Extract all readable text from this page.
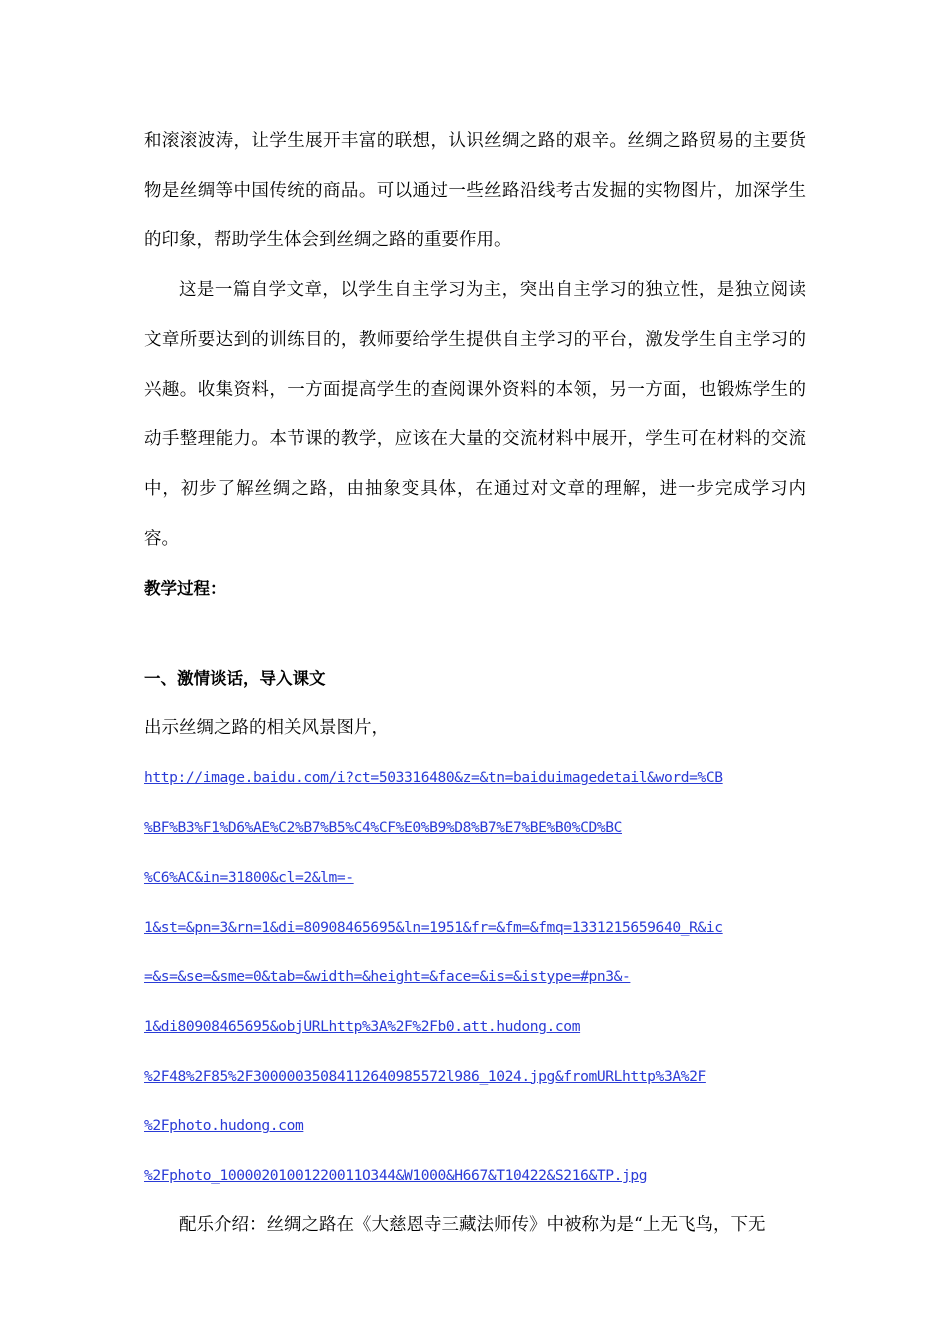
和滚滚波涛，让学生展开丰富的联想，认识丝绸之路的艰辛。丝绸之路贸易的主要货物是丝绸等中国传统的商品。可以通过一些丝路沿线考古发掘的实物图片，加深学生的印象，帮助学生体会到丝绸之路的重要作用。

这是一篇自学文章，以学生自主学习为主，突出自主学习的独立性，是独立阅读文章所要达到的训练目的，教师要给学生提供自主学习的平台，激发学生自主学习的兴趣。收集资料，一方面提高学生的查阅课外资料的本领，另一方面，也锻炼学生的动手整理能力。本节课的教学，应该在大量的交流材料中展开，学生可在材料的交流中，初步了解丝绸之路，由抽象变具体，在通过对文章的理解，进一步完成学习内容。

教学过程：

一、激情谈话，导入课文

出示丝绸之路的相关风景图片，

http://image.baidu.com/i?ct=503316480&z=&tn=baiduimagedetail&word=%CB
%BF%B3%F1%D6%AE%C2%B7%B5%C4%CF%E0%B9%D8%B7%E7%BE%B0%CD%BC
%C6%AC&in=31800&cl=2&lm=-
1&st=&pn=3&rn=1&di=80908465695&ln=1951&fr=&fm=&fmq=1331215659640_R&ic
=&s=&se=&sme=0&tab=&width=&height=&face=&is=&istype=#pn3&-
1&di80908465695&objURLhttp%3A%2F%2Fb0.att.hudong.com
%2F48%2F85%2F30000035084112640985572l986_1024.jpg&fromURLhttp%3A%2F
%2Fphoto.hudong.com
%2Fphoto_10000201001220011O344&W1000&H667&T10422&S216&TP.jpg

配乐介绍：丝绸之路在《大慈恩寺三藏法师传》中被称为是“上无飞鸟，下无
